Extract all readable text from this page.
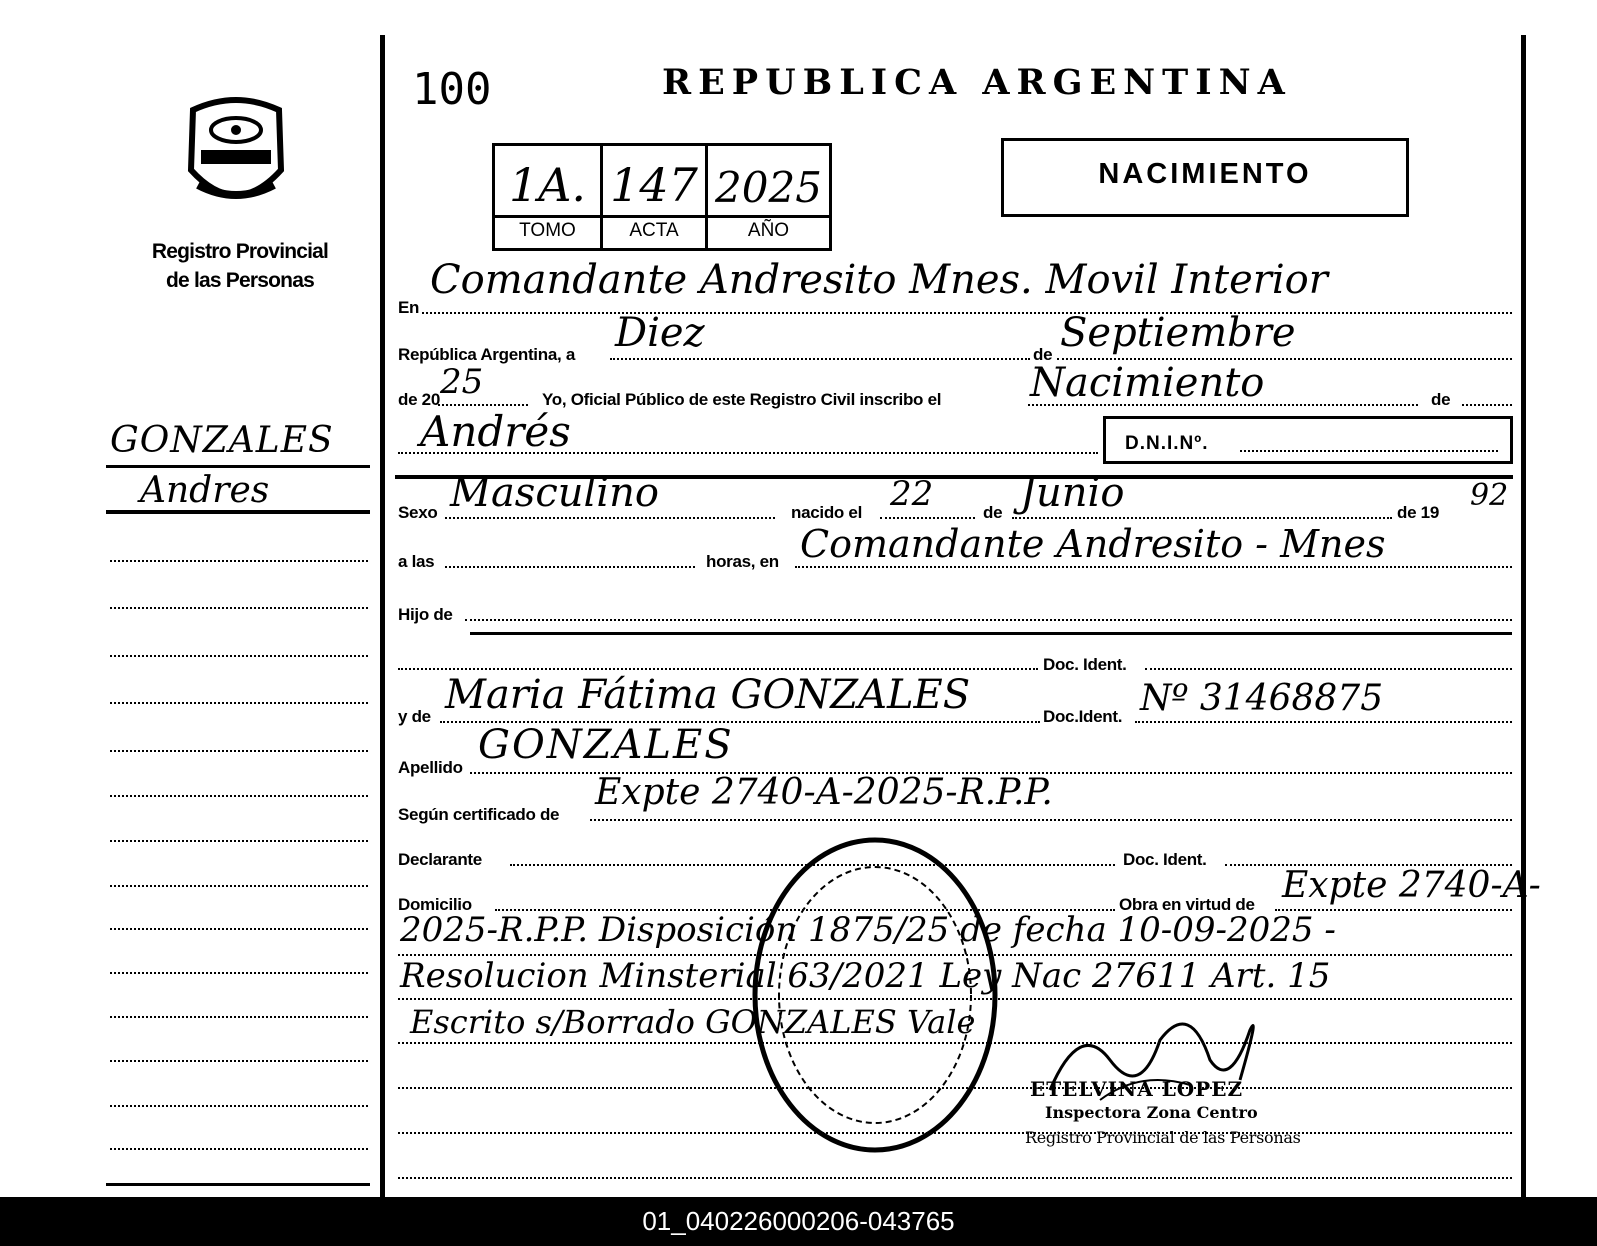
Registro Provincial
de las Personas
GONZALES
Andres
100	REPUBLICA ARGENTINA
1A. 147 2025
TOMO	ACTA	AÑO
NACIMIENTO
En
Comandante Andresito Mnes. Movil Interior
República Argentina, a Diez	de Septiembre
de 20 25	Yo, Oficial Público de este Registro Civil inscribo el Nacimiento	de
Andrés	D.N.I.Nº.
Sexo Masculino	nacido el 22	de Junio	de 19 92
a las	horas, en Comandante Andresito - Mnes
Hijo de
Doc. Ident.
y de Maria Fátima GONZALES	Doc.Ident. Nº 31468875
Apellido GONZALES
Según certificado de
Expte 2740-A-2025-R.P.P.
Declarante	Doc. Ident.
Domicilio	Obra en virtud de Expte 2740-A-
2025-R.P.P. Disposición 1875/25 de fecha 10-09-2025 -
Resolucion Minsterial 63/2021 Ley Nac 27611 Art. 15
Escrito s/Borrado GONZALES Vale
ETELVINA LOPEZ
Inspectora Zona Centro
Registro Provincial de las Personas
01_040226000206-043765
